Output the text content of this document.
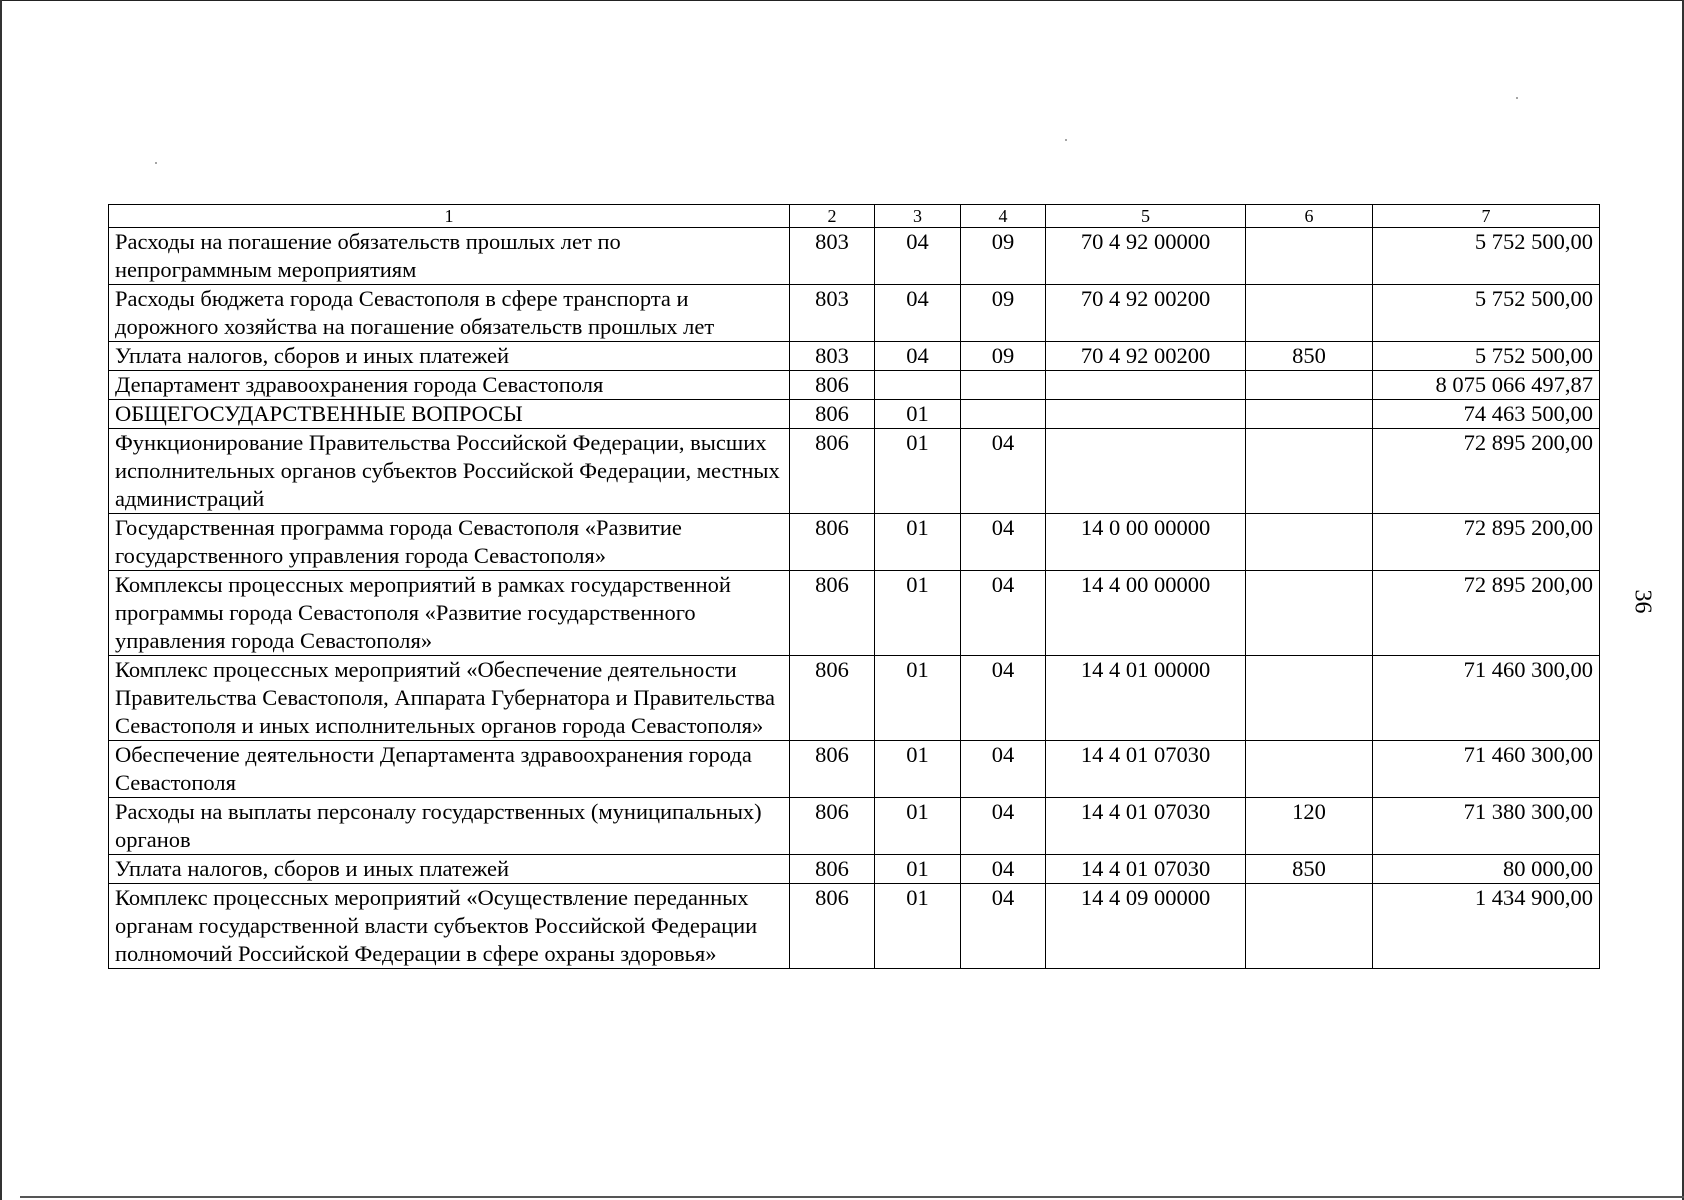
36
1	2	3	4	5	6	7
Расходы на погашение обязательств прошлых лет по непрограммным мероприятиям	803	04	09	70 4 92 00000		5 752 500,00
Расходы бюджета города Севастополя в сфере транспорта и дорожного хозяйства на погашение обязательств прошлых лет	803	04	09	70 4 92 00200		5 752 500,00
Уплата налогов, сборов и иных платежей	803	04	09	70 4 92 00200	850	5 752 500,00
Департамент здравоохранения города Севастополя	806					8 075 066 497,87
ОБЩЕГОСУДАРСТВЕННЫЕ ВОПРОСЫ	806	01				74 463 500,00
Функционирование Правительства Российской Федерации, высших исполнительных органов субъектов Российской Федерации, местных администраций	806	01	04			72 895 200,00
Государственная программа города Севастополя «Развитие государственного управления города Севастополя»	806	01	04	14 0 00 00000		72 895 200,00
Комплексы процессных мероприятий в рамках государственной программы города Севастополя «Развитие государственного управления города Севастополя»	806	01	04	14 4 00 00000		72 895 200,00
Комплекс процессных мероприятий «Обеспечение деятельности Правительства Севастополя, Аппарата Губернатора и Правительства Севастополя и иных исполнительных органов города Севастополя»	806	01	04	14 4 01 00000		71 460 300,00
Обеспечение деятельности Департамента здравоохранения города Севастополя	806	01	04	14 4 01 07030		71 460 300,00
Расходы на выплаты персоналу государственных (муниципальных) органов	806	01	04	14 4 01 07030	120	71 380 300,00
Уплата налогов, сборов и иных платежей	806	01	04	14 4 01 07030	850	80 000,00
Комплекс процессных мероприятий «Осуществление переданных органам государственной власти субъектов Российской Федерации полномочий Российской Федерации в сфере охраны здоровья»	806	01	04	14 4 09 00000		1 434 900,00
